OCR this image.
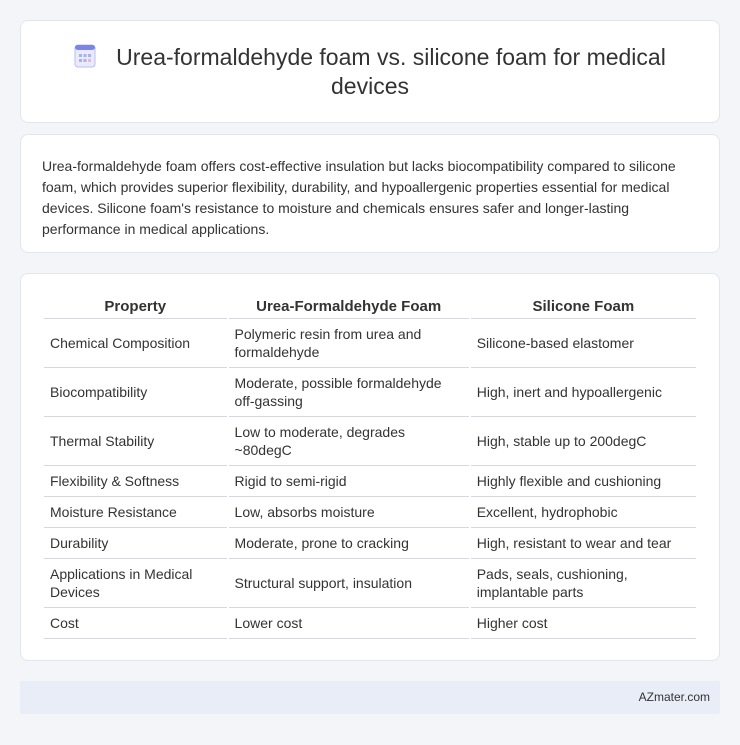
Urea-formaldehyde foam vs. silicone foam for medical
devices

Urea-formaldehyde foam offers cost-effective insulation but lacks biocompatibility compared to silicone foam, which provides superior flexibility, durability, and hypoallergenic properties essential for medical devices. Silicone foam's resistance to moisture and chemicals ensures safer and longer-lasting performance in medical applications.

Property	Urea-Formaldehyde Foam	Silicone Foam
Chemical Composition	Polymeric resin from urea and formaldehyde	Silicone-based elastomer
Biocompatibility	Moderate, possible formaldehyde off-gassing	High, inert and hypoallergenic
Thermal Stability	Low to moderate, degrades ~80degC	High, stable up to 200degC
Flexibility & Softness	Rigid to semi-rigid	Highly flexible and cushioning
Moisture Resistance	Low, absorbs moisture	Excellent, hydrophobic
Durability	Moderate, prone to cracking	High, resistant to wear and tear
Applications in Medical Devices	Structural support, insulation	Pads, seals, cushioning, implantable parts
Cost	Lower cost	Higher cost
AZmater.com
